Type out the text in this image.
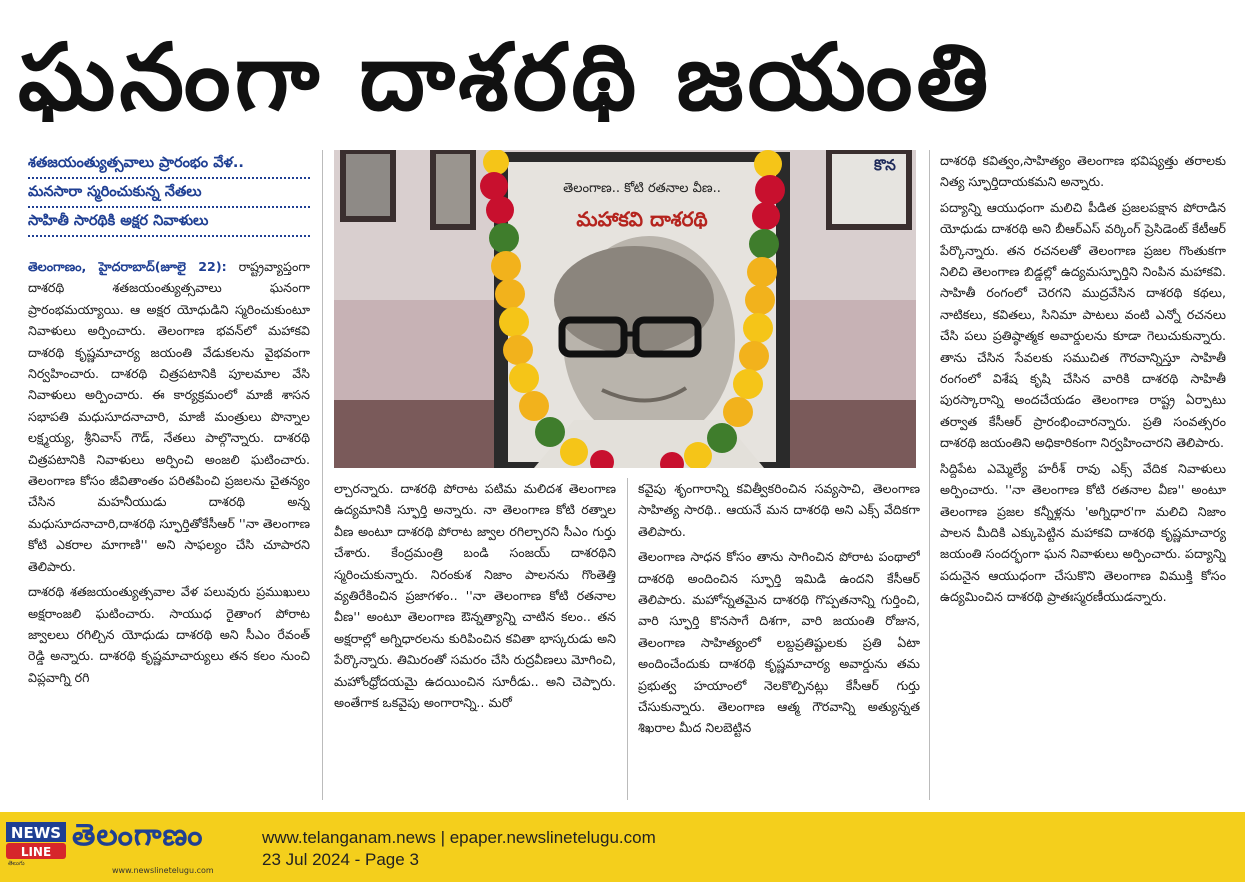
ఘనంగా దాశరథి జయంతి
శతజయంత్యుత్సవాలు ప్రారంభం వేళ..
మనసారా స్మరించుకున్న నేతలు
సాహితీ సారథికి అక్షర నివాళులు

తెలంగాణం, హైదరాబాద్(జూలై 22): రాష్ట్రవ్యాప్తంగా దాశరథి శతజయంత్యుత్సవాలు ఘనంగా ప్రారంభమయ్యాయి. ఆ అక్షర యోధుడిని స్మరించుకుంటూ నివాళులు అర్పించారు. తెలంగాణ భవన్‌లో మహాకవి దాశరథి కృష్ణమాచార్య జయంతి వేడుకలను వైభవంగా నిర్వహించారు. దాశరథి చిత్రపటానికి పూలమాల వేసి నివాళులు అర్పించారు. ఈ కార్యక్రమంలో మాజీ శాసన సభాపతి మధుసూదనాచారి, మాజీ మంత్రులు పొన్నాల లక్ష్మయ్య, శ్రీనివాస్ గౌడ్, నేతలు పాల్గొన్నారు. దాశరథి చిత్రపటానికి నివాళులు అర్పించి అంజలి ఘటించారు. తెలంగాణ కోసం జీవితాంతం పరితపించి ప్రజలను చైతన్యం చేసిన మహనీయుడు దాశరథి అన్న మధుసూదనాచారి,దాశరథి స్ఫూర్తితోకేసీఆర్ ''నా తెలంగాణ కోటి ఎకరాల మాగాణి'' అని సాఫల్యం చేసి చూపారని తెలిపారు.

దాశరథి శతజయంత్యుత్సవాల వేళ పలువురు ప్రముఖులు అక్షరాంజలి ఘటించారు. సాయుధ రైతాంగ పోరాట జ్వాలలు రగిల్చిన యోధుడు దాశరథి అని సీఎం రేవంత్ రెడ్డి అన్నారు. దాశరథి కృష్ణమాచార్యులు తన కలం నుంచి విప్లవాగ్ని రగి

కొన
తెలంగాణ.. కోటి రతనాల వీణ..
మహాకవి దాశరథి

ల్చారన్నారు. దాశరథి పోరాట పటిమ మలిదశ తెలంగాణ ఉద్యమానికి స్ఫూర్తి అన్నారు. నా తెలంగాణ కోటి రత్నాల వీణ అంటూ దాశరథి పోరాట జ్వాల రగిల్చారని సీఎం గుర్తు చేశారు. కేంద్రమంత్రి బండి సంజయ్ దాశరథిని స్మరించుకున్నారు. నిరంకుశ నిజాం పాలనను గొంతెత్తి వ్యతిరేకించిన ప్రజాగళం.. ''నా తెలంగాణ కోటి రతనాల వీణ'' అంటూ తెలంగాణ ఔన్నత్యాన్ని చాటిన కలం.. తన అక్షరాల్లో అగ్నిధారలను కురిపించిన కవితా భాస్కరుడు అని పేర్కొన్నారు. తిమిరంతో సమరం చేసి రుద్రవీణలు మోగించి, మహోంధ్రోదయమై ఉదయించిన సూరీడు.. అని చెప్పారు. అంతేగాక ఒకవైపు అంగారాన్ని.. మరో

కవైపు శృంగారాన్ని కవిత్వీకరించిన సవ్యసాచి, తెలంగాణ సాహిత్య సారథి.. ఆయనే మన దాశరథి అని ఎక్స్ వేదికగా తెలిపారు.

తెలంగాణ సాధన కోసం తాను సాగించిన పోరాట పంథాలో దాశరథి అందించిన స్ఫూర్తి ఇమిడి ఉందని కేసీఆర్ తెలిపారు. మహోన్నతమైన దాశరథి గొప్పతనాన్ని గుర్తించి, వారి స్ఫూర్తి కొనసాగే దిశగా, వారి జయంతి రోజున, తెలంగాణ సాహిత్యంలో లబ్దప్రతిష్టులకు ప్రతి ఏటా అందించేందుకు దాశరథి కృష్ణమాచార్య అవార్డును తమ ప్రభుత్వ హయాంలో నెలకొల్పినట్లు కేసీఆర్ గుర్తు చేసుకున్నారు. తెలంగాణ ఆత్మ గౌరవాన్ని అత్యున్నత శిఖరాల మీద నిలబెట్టిన

దాశరథి కవిత్వం,సాహిత్యం తెలంగాణ భవిష్యత్తు తరాలకు నిత్య స్ఫూర్తిదాయకమని అన్నారు.

పద్యాన్ని ఆయుధంగా మలిచి పీడిత ప్రజలపక్షాన పోరాడిన యోధుడు దాశరథి అని బీఆర్ఎస్ వర్కింగ్ ప్రెసిడెంట్ కేటీఆర్ పేర్కొన్నారు. తన రచనలతో తెలంగాణ ప్రజల గొంతుకగా నిలిచి తెలంగాణ బిడ్డల్లో ఉద్యమస్ఫూర్తిని నింపిన మహాకవి. సాహితీ రంగంలో చెరగని ముద్రవేసిన దాశరథి కథలు, నాటికలు, కవితలు, సినిమా పాటలు వంటి ఎన్నో రచనలు చేసి పలు ప్రతిష్ఠాత్మక అవార్డులను కూడా గెలుచుకున్నారు. తాను చేసిన సేవలకు సముచిత గౌరవాన్నిస్తూ సాహితీ రంగంలో విశేష కృషి చేసిన వారికి దాశరథి సాహితీ పురస్కారాన్ని అందచేయడం తెలంగాణ రాష్ట్ర ఏర్పాటు తర్వాత కేసీఆర్ ప్రారంభించారన్నారు. ప్రతి సంవత్సరం దాశరథి జయంతిని అధికారికంగా నిర్వహించారని తెలిపారు.

సిద్దిపేట ఎమ్మెల్యే హరీశ్ రావు ఎక్స్ వేదిక నివాళులు అర్పించారు. ''నా తెలంగాణ కోటి రతనాల వీణ'' అంటూ తెలంగాణ ప్రజల కన్నీళ్లను 'అగ్నిధార'గా మలిచి నిజాం పాలన మీదికి ఎక్కుపెట్టిన మహాకవి దాశరథి కృష్ణమాచార్య జయంతి సందర్భంగా ఘన నివాళులు అర్పించారు. పద్యాన్ని పదునైన ఆయుధంగా చేసుకొని తెలంగాణ విముక్తి కోసం ఉద్యమించిన దాశరథి ప్రాతఃస్మరణీయుడన్నారు.

NEWS
LINE
తెలుగు
తెలంగాణం
www.newslinetelugu.com
www.telanganam.news | epaper.newslinetelugu.com
23 Jul 2024 - Page 3
